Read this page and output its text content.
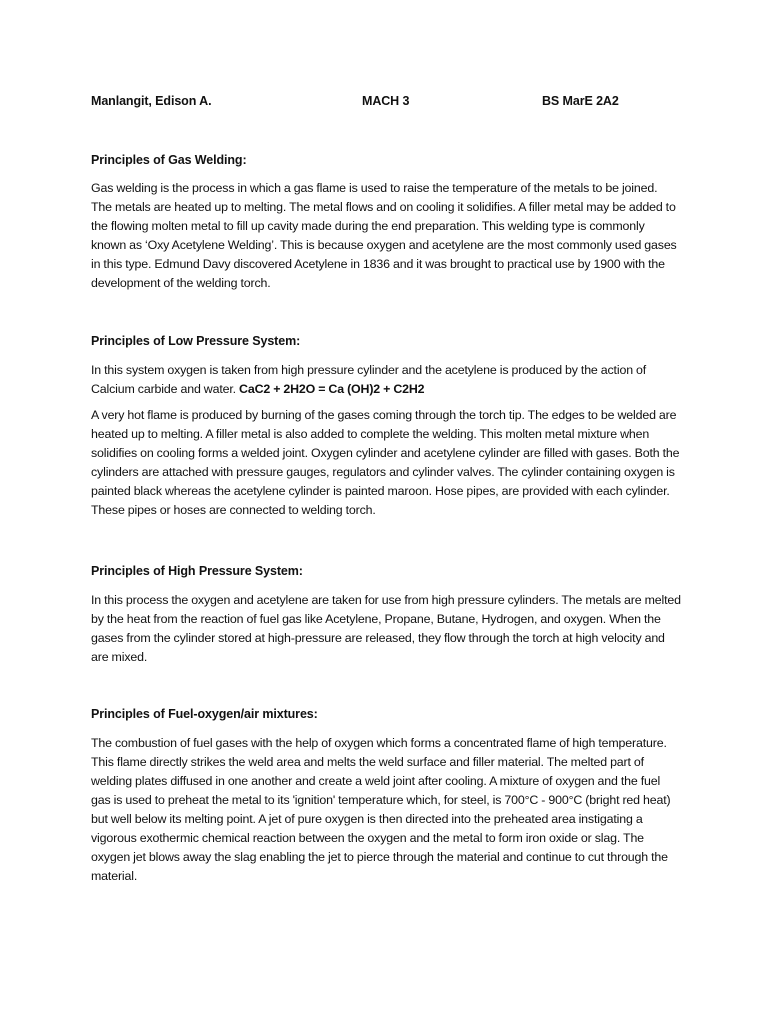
Manlangit, Edison A.	MACH 3	BS MarE 2A2
Principles of Gas Welding:

Gas welding is the process in which a gas flame is used to raise the temperature of the metals to be joined. The metals are heated up to melting. The metal flows and on cooling it solidifies. A filler metal may be added to the flowing molten metal to fill up cavity made during the end preparation. This welding type is commonly known as ‘Oxy Acetylene Welding’. This is because oxygen and acetylene are the most commonly used gases in this type. Edmund Davy discovered Acetylene in 1836 and it was brought to practical use by 1900 with the development of the welding torch.

Principles of Low Pressure System:

In this system oxygen is taken from high pressure cylinder and the acetylene is produced by the action of Calcium carbide and water. CaC2 + 2H2O = Ca (OH)2 + C2H2

A very hot flame is produced by burning of the gases coming through the torch tip. The edges to be welded are heated up to melting. A filler metal is also added to complete the welding. This molten metal mixture when solidifies on cooling forms a welded joint. Oxygen cylinder and acetylene cylinder are filled with gases. Both the cylinders are attached with pressure gauges, regulators and cylinder valves. The cylinder containing oxygen is painted black whereas the acetylene cylinder is painted maroon. Hose pipes, are provided with each cylinder. These pipes or hoses are connected to welding torch.

Principles of High Pressure System:

In this process the oxygen and acetylene are taken for use from high pressure cylinders. The metals are melted by the heat from the reaction of fuel gas like Acetylene, Propane, Butane, Hydrogen, and oxygen. When the gases from the cylinder stored at high-pressure are released, they flow through the torch at high velocity and are mixed.

Principles of Fuel-oxygen/air mixtures:

The combustion of fuel gases with the help of oxygen which forms a concentrated flame of high temperature. This flame directly strikes the weld area and melts the weld surface and filler material. The melted part of welding plates diffused in one another and create a weld joint after cooling. A mixture of oxygen and the fuel gas is used to preheat the metal to its 'ignition' temperature which, for steel, is 700°C - 900°C (bright red heat) but well below its melting point. A jet of pure oxygen is then directed into the preheated area instigating a vigorous exothermic chemical reaction between the oxygen and the metal to form iron oxide or slag. The oxygen jet blows away the slag enabling the jet to pierce through the material and continue to cut through the material.
